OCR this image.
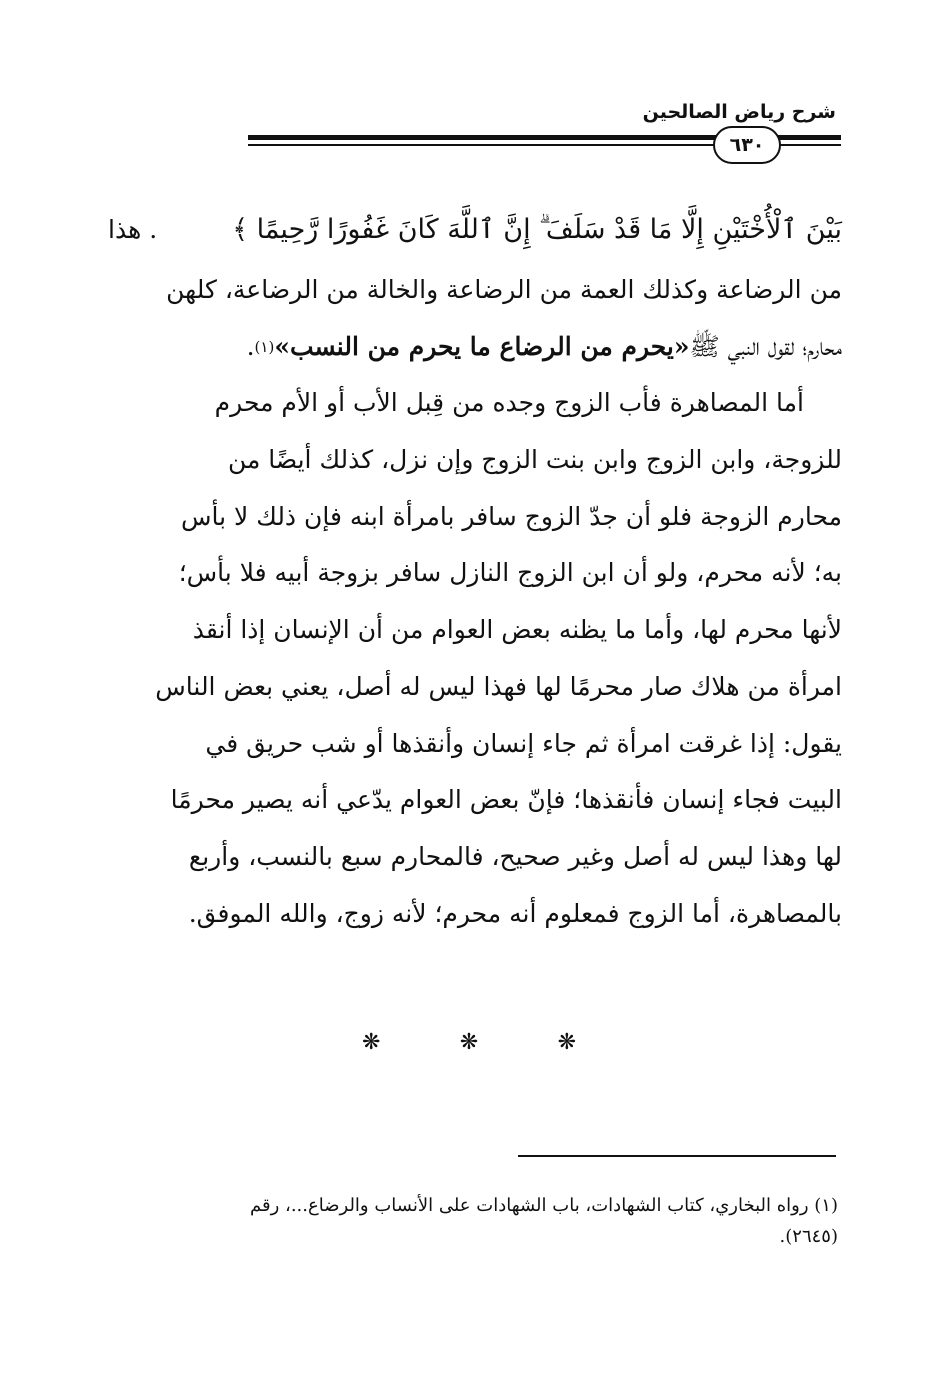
شرح رياض الصالحين
٦٣٠
بَيْنَ ٱلْأُخْتَيْنِ إِلَّا مَا قَدْ سَلَفَ ۗ إِنَّ ٱللَّهَ كَانَ غَفُورًا رَّحِيمًا ﴾
. هذا
من الرضاعة وكذلك العمة من الرضاعة والخالة من الرضاعة، كلهن
محارم؛ لقول النبي ﷺ
«يحرم من الرضاع ما يحرم من النسب»
(١)
.
أما المصاهرة فأب الزوج وجده من قِبل الأب أو الأم محرم
للزوجة، وابن الزوج وابن بنت الزوج وإن نزل، كذلك أيضًا من
محارم الزوجة فلو أن جدّ الزوج سافر بامرأة ابنه فإن ذلك لا بأس
به؛ لأنه محرم، ولو أن ابن الزوج النازل سافر بزوجة أبيه فلا بأس؛
لأنها محرم لها، وأما ما يظنه بعض العوام من أن الإنسان إذا أنقذ
امرأة من هلاك صار محرمًا لها فهذا ليس له أصل، يعني بعض الناس
يقول: إذا غرقت امرأة ثم جاء إنسان وأنقذها أو شب حريق في
البيت فجاء إنسان فأنقذها؛ فإنّ بعض العوام يدّعي أنه يصير محرمًا
لها وهذا ليس له أصل وغير صحيح، فالمحارم سبع بالنسب، وأربع
بالمصاهرة، أما الزوج فمعلوم أنه محرم؛ لأنه زوج، والله الموفق.
❋
❋
❋
(١) رواه البخاري، كتاب الشهادات، باب الشهادات على الأنساب والرضاع...، رقم
(٢٦٤٥).
